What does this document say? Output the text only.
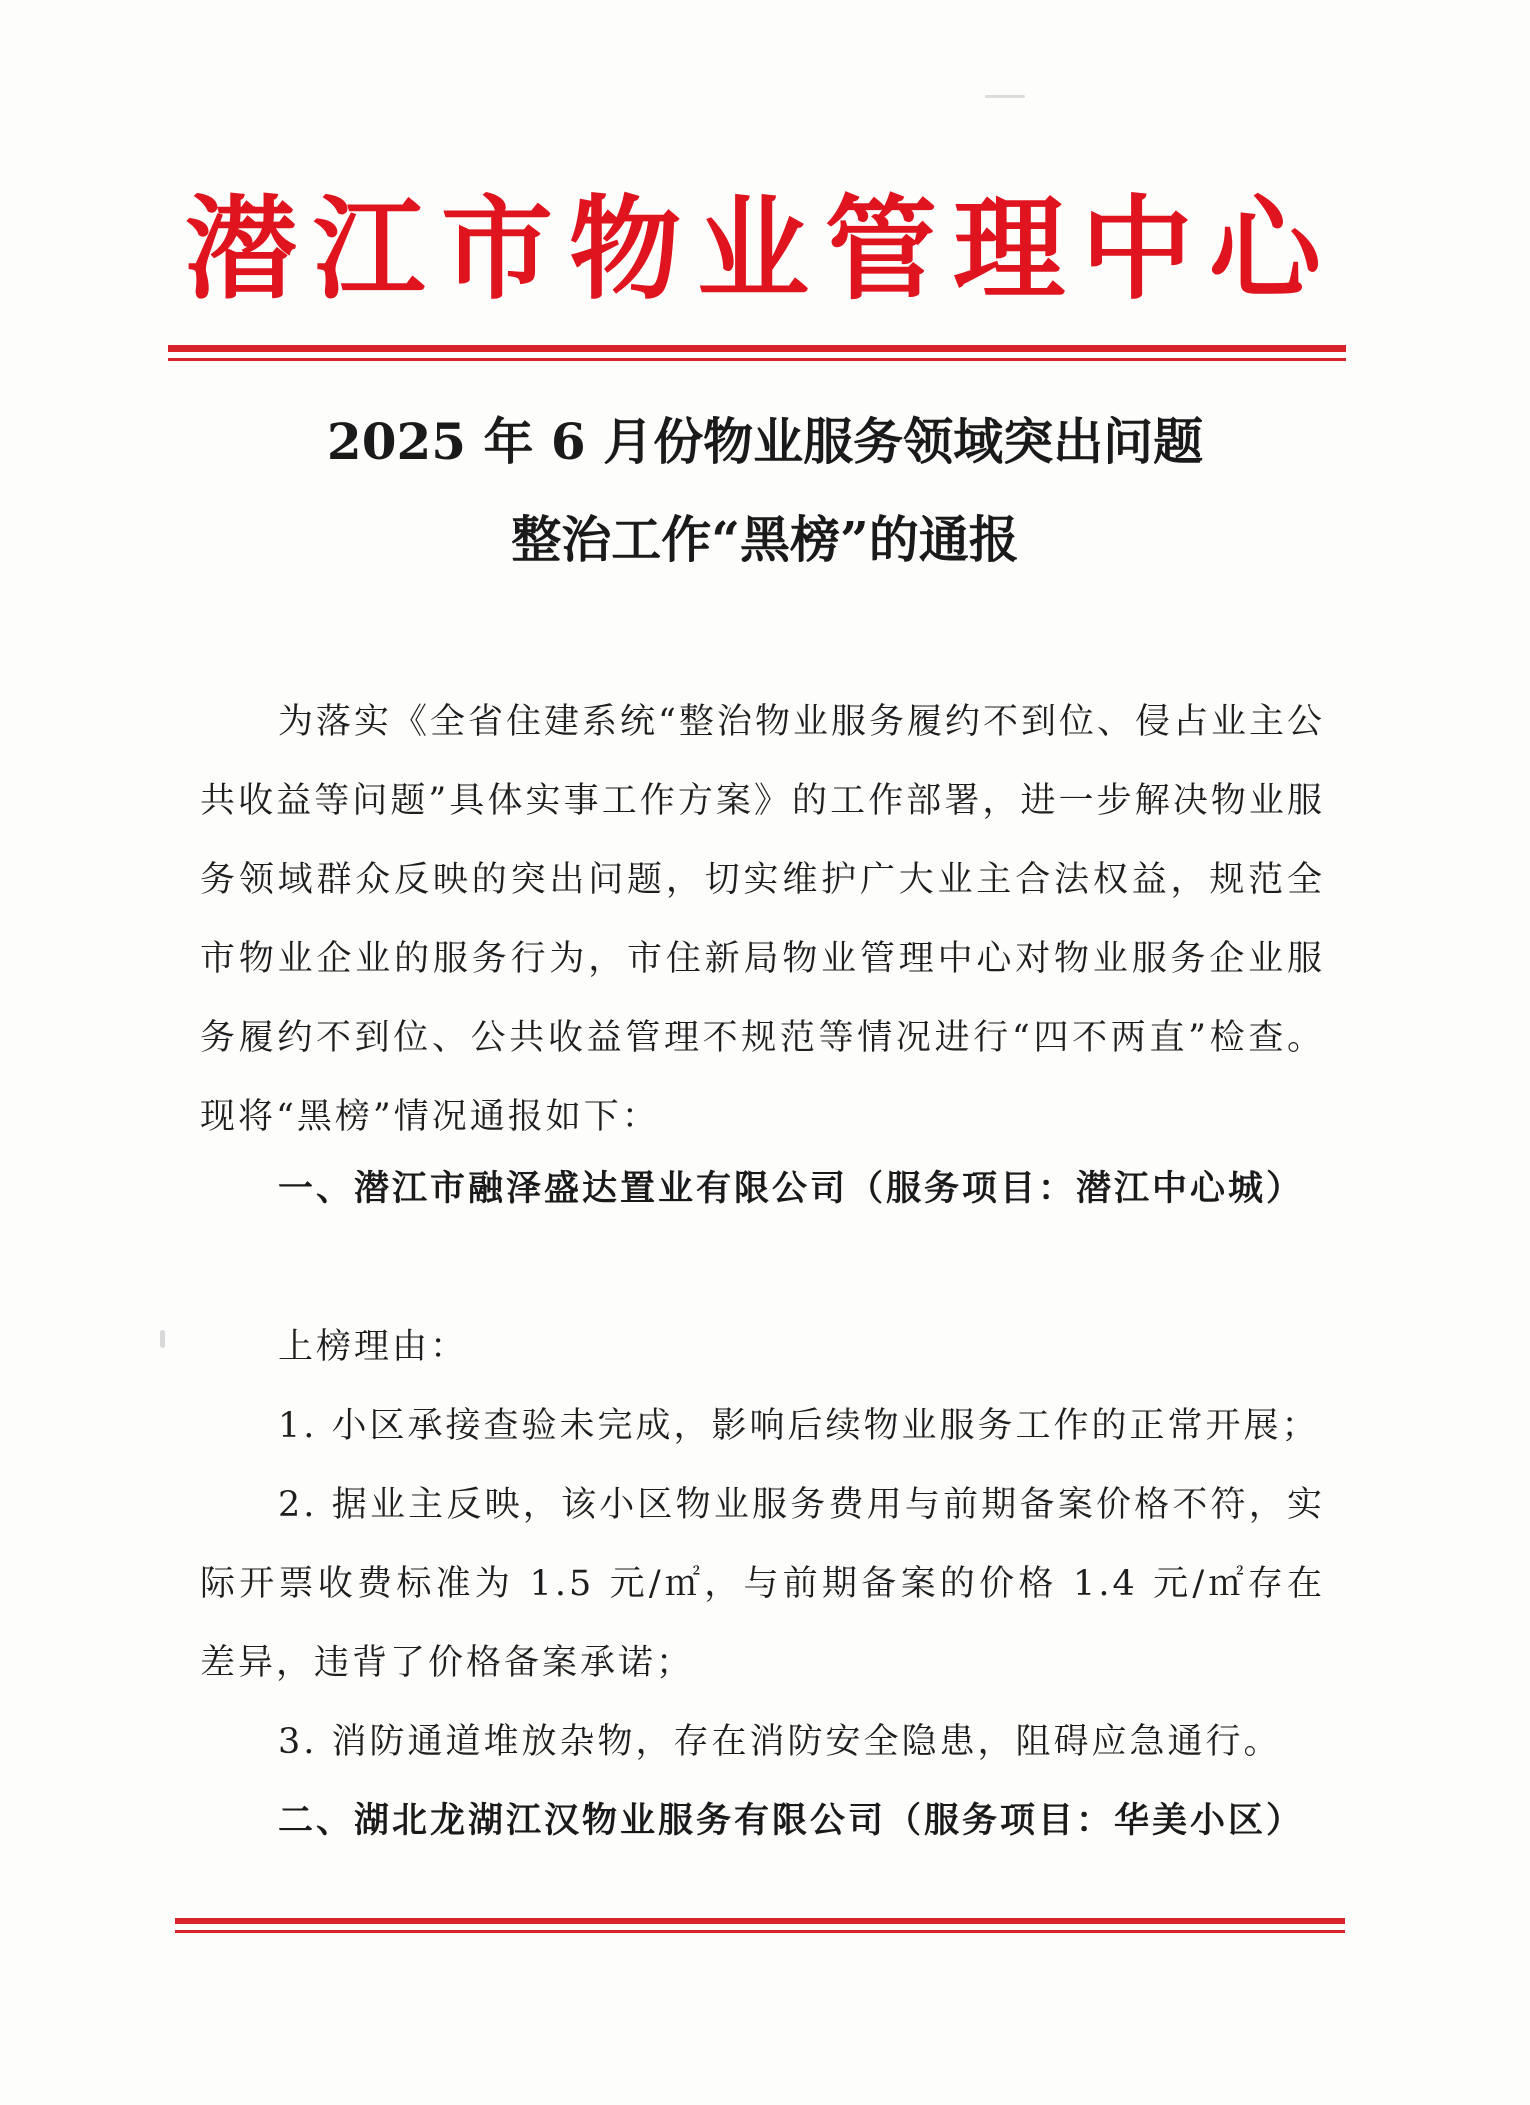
潜江市物业管理中心
2025 年 6 月份物业服务领域突出问题
整治工作“黑榜”的通报
为落实《全省住建系统“整治物业服务履约不到位、侵占业主公共收益等问题”具体实事工作方案》的工作部署，进一步解决物业服务领域群众反映的突出问题，切实维护广大业主合法权益，规范全市物业企业的服务行为，市住新局物业管理中心对物业服务企业服务履约不到位、公共收益管理不规范等情况进行“四不两直”检查。现将“黑榜”情况通报如下：
一、潜江市融泽盛达置业有限公司（服务项目：潜江中心城）
上榜理由：
1. 小区承接查验未完成，影响后续物业服务工作的正常开展；
2. 据业主反映，该小区物业服务费用与前期备案价格不符，实际开票收费标准为 1.5 元/㎡，与前期备案的价格 1.4 元/㎡存在差异，违背了价格备案承诺；
3. 消防通道堆放杂物，存在消防安全隐患，阻碍应急通行。
二、湖北龙湖江汉物业服务有限公司（服务项目：华美小区）
